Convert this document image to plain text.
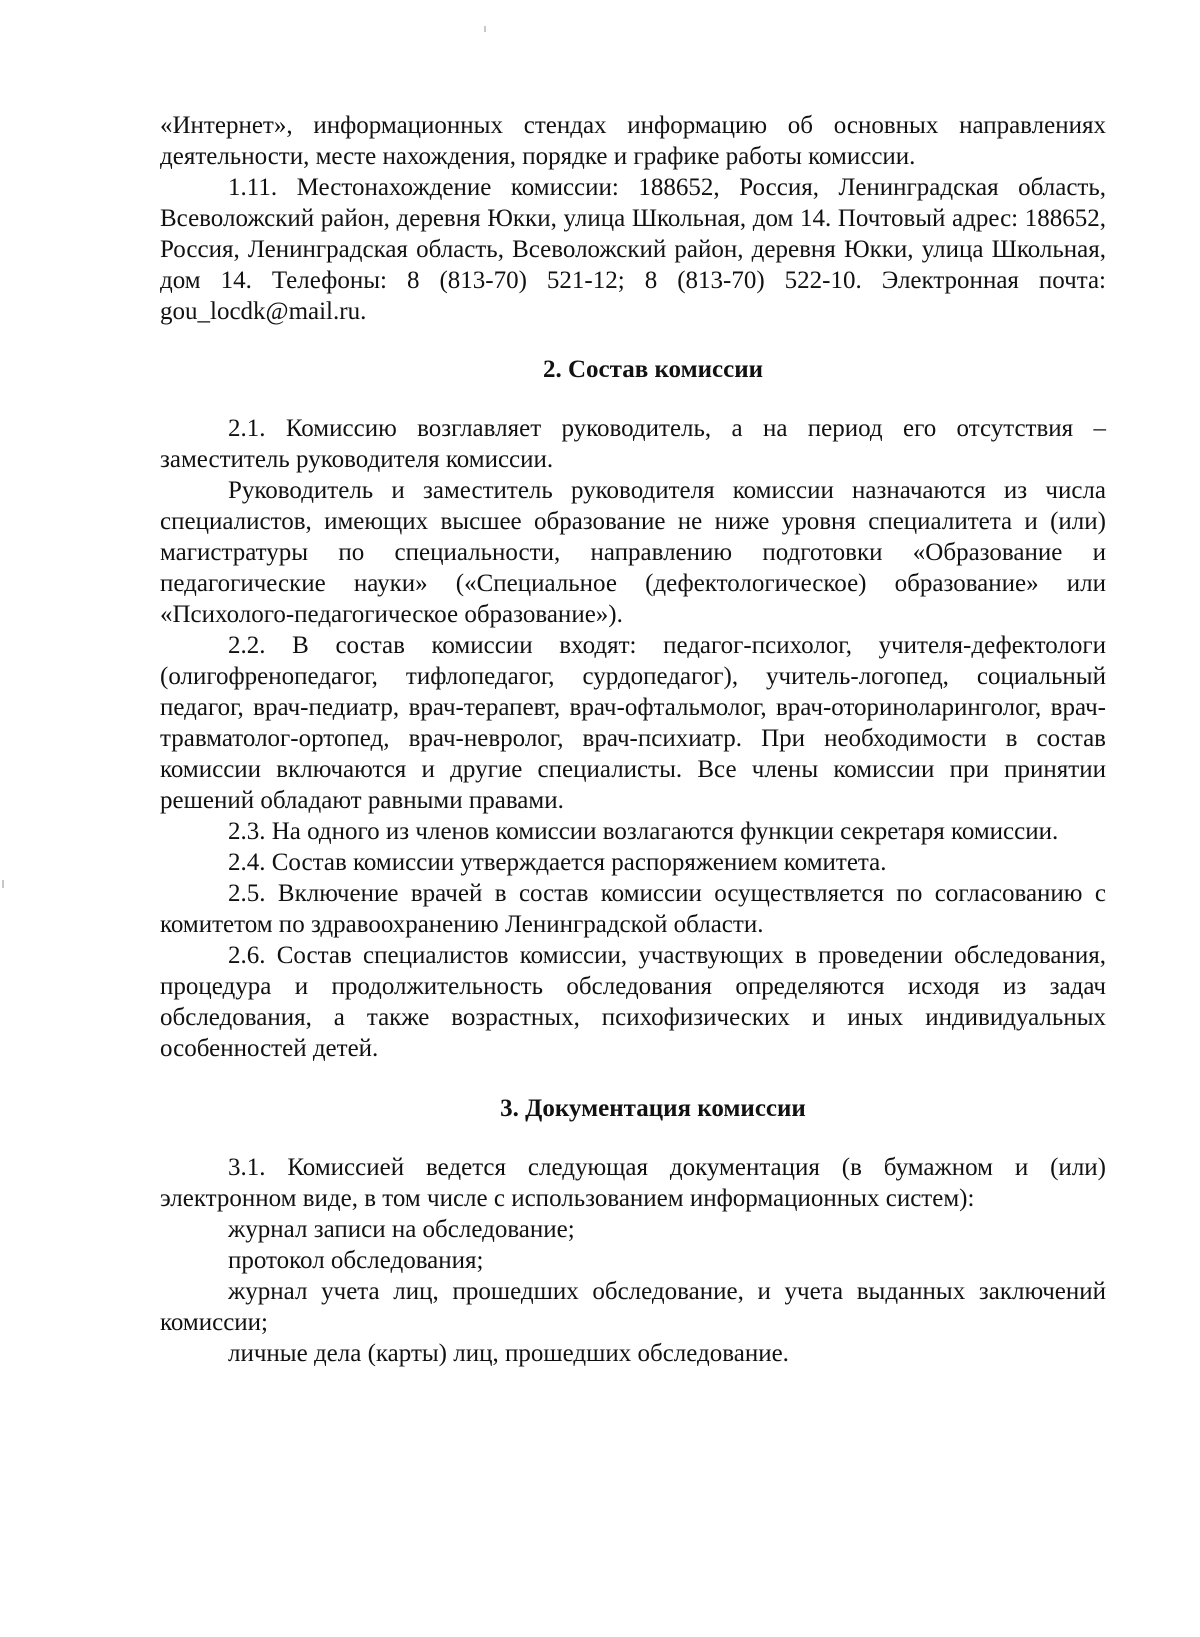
«Интернет», информационных стендах информацию об основных направлениях деятельности, месте нахождения, порядке и графике работы комиссии.

1.11. Местонахождение комиссии: 188652, Россия, Ленинградская область, Всеволожский район, деревня Юкки, улица Школьная, дом 14. Почтовый адрес: 188652, Россия, Ленинградская область, Всеволожский район, деревня Юкки, улица Школьная, дом 14. Телефоны: 8 (813-70) 521-12; 8 (813-70) 522-10. Электронная почта: gou_locdk@mail.ru.

2. Состав комиссии

2.1. Комиссию возглавляет руководитель, а на период его отсутствия – заместитель руководителя комиссии.

Руководитель и заместитель руководителя комиссии назначаются из числа специалистов, имеющих высшее образование не ниже уровня специалитета и (или) магистратуры по специальности, направлению подготовки «Образование и педагогические науки» («Специальное (дефектологическое) образование» или «Психолого-педагогическое образование»).

2.2. В состав комиссии входят: педагог-психолог, учителя-дефектологи (олигофренопедагог, тифлопедагог, сурдопедагог), учитель-логопед, социальный педагог, врач-педиатр, врач-терапевт, врач-офтальмолог, врач-оториноларинголог, врач-травматолог-ортопед, врач-невролог, врач-психиатр. При необходимости в состав комиссии включаются и другие специалисты. Все члены комиссии при принятии решений обладают равными правами.

2.3. На одного из членов комиссии возлагаются функции секретаря комиссии.

2.4. Состав комиссии утверждается распоряжением комитета.

2.5. Включение врачей в состав комиссии осуществляется по согласованию с комитетом по здравоохранению Ленинградской области.

2.6. Состав специалистов комиссии, участвующих в проведении обследования, процедура и продолжительность обследования определяются исходя из задач обследования, а также возрастных, психофизических и иных индивидуальных особенностей детей.

3. Документация комиссии

3.1. Комиссией ведется следующая документация (в бумажном и (или) электронном виде, в том числе с использованием информационных систем):

журнал записи на обследование;

протокол обследования;

журнал учета лиц, прошедших обследование, и учета выданных заключений комиссии;

личные дела (карты) лиц, прошедших обследование.
